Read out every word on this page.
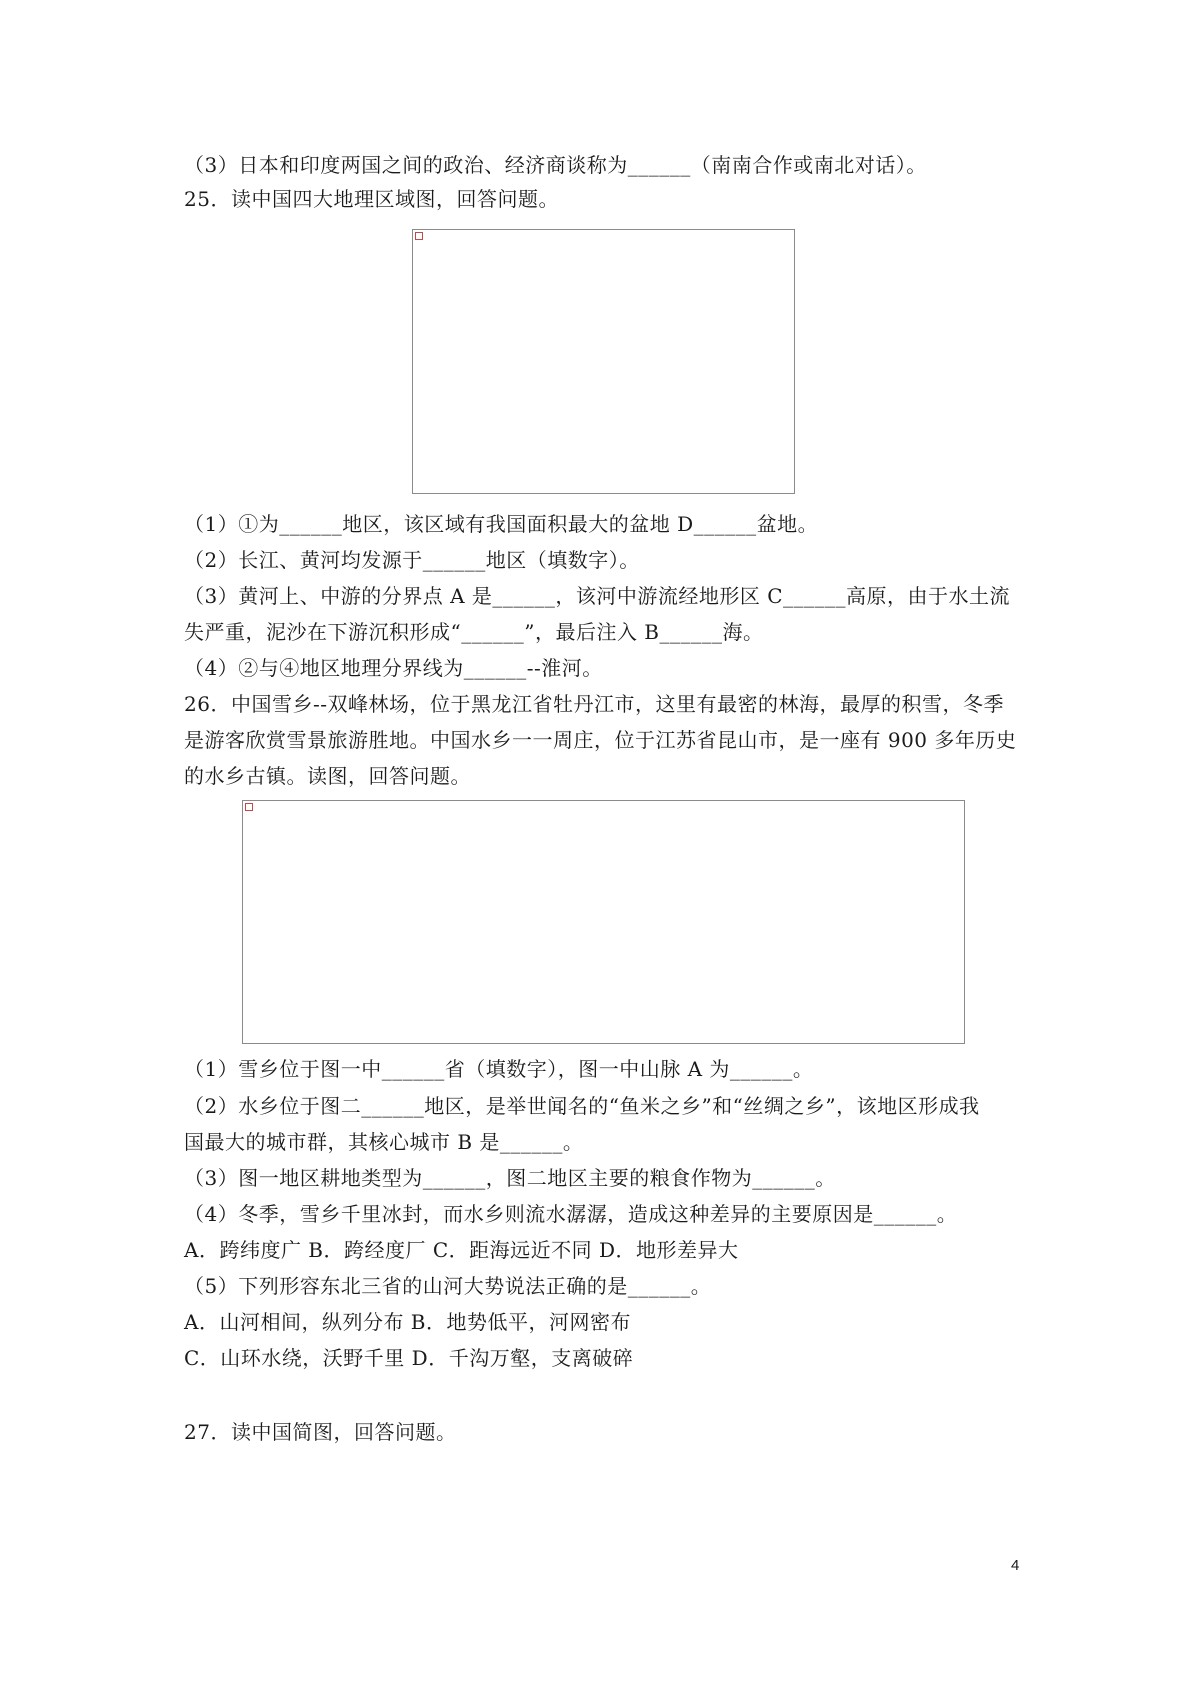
（3）日本和印度两国之间的政治、经济商谈称为______（南南合作或南北对话）。
25．读中国四大地理区域图，回答问题。
（1）①为______地区，该区域有我国面积最大的盆地 D______盆地。
（2）长江、黄河均发源于______地区（填数字）。
（3）黄河上、中游的分界点 A 是______，该河中游流经地形区 C______高原，由于水土流
失严重，泥沙在下游沉积形成“______”，最后注入 B______海。
（4）②与④地区地理分界线为______--淮河。
26．中国雪乡--双峰林场，位于黑龙江省牡丹江市，这里有最密的林海，最厚的积雪，冬季
是游客欣赏雪景旅游胜地。中国水乡一一周庄，位于江苏省昆山市，是一座有 900 多年历史
的水乡古镇。读图，回答问题。
（1）雪乡位于图一中______省（填数字），图一中山脉 A 为______。
（2）水乡位于图二______地区，是举世闻名的“鱼米之乡”和“丝绸之乡”，该地区形成我
国最大的城市群，其核心城市 B 是______。
（3）图一地区耕地类型为______，图二地区主要的粮食作物为______。
（4）冬季，雪乡千里冰封，而水乡则流水潺潺，造成这种差异的主要原因是______。
A．跨纬度广 B．跨经度厂 C．距海远近不同 D．地形差异大
（5）下列形容东北三省的山河大势说法正确的是______。
A．山河相间，纵列分布 B．地势低平，河网密布
C．山环水绕，沃野千里 D．千沟万壑，支离破碎
27．读中国简图，回答问题。
4
